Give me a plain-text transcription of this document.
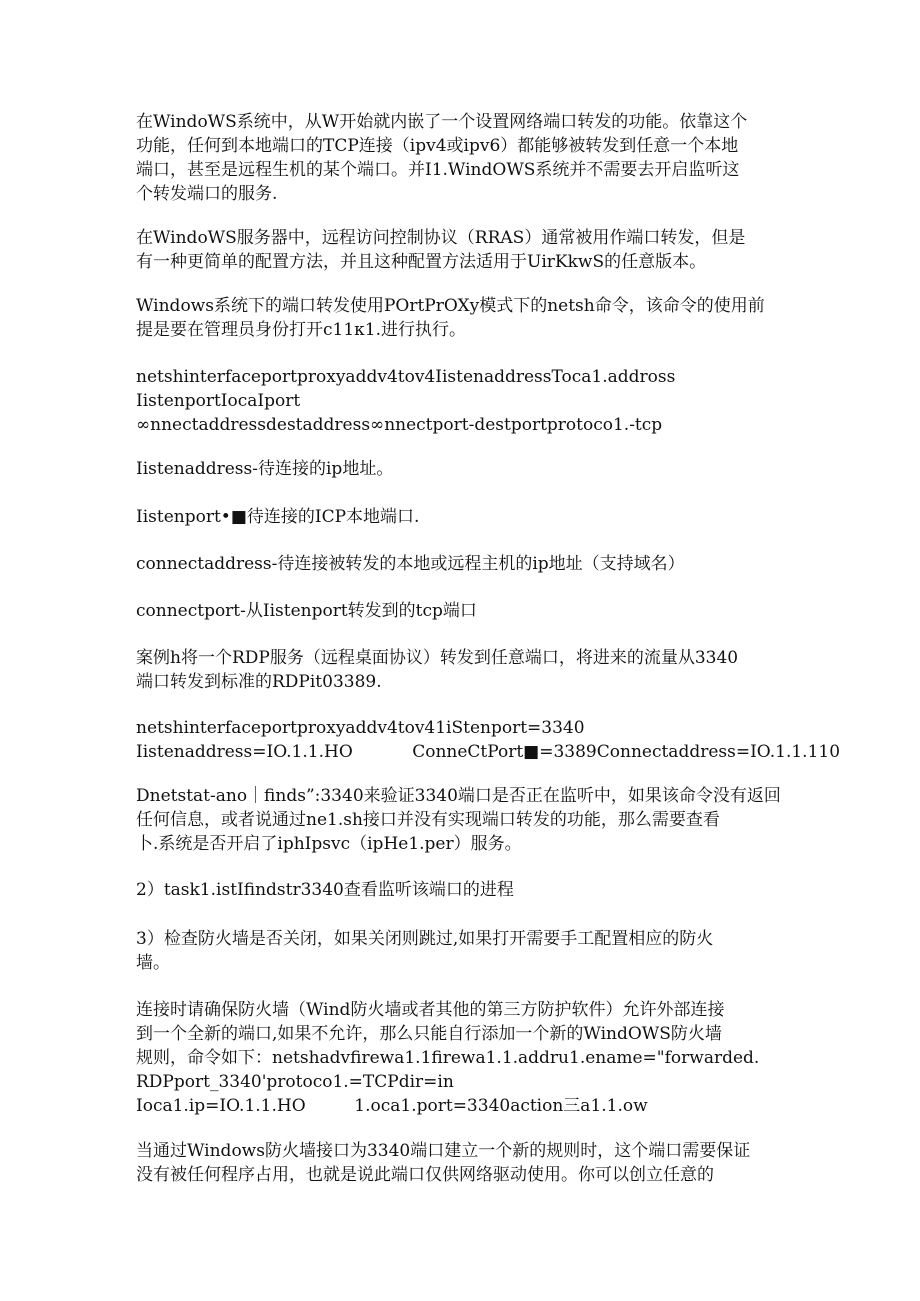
在WindoWS系统中，从W开始就内嵌了一个设置网络端口转发的功能。依靠这个
功能，任何到本地端口的TCP连接（ipv4或ipv6）都能够被转发到任意一个本地
端口，甚至是远程生机的某个端口。并I1.WindOWS系统并不需要去开启监听这
个转发端口的服务.
在WindoWS服务器中，远程访问控制协议（RRAS）通常被用作端口转发，但是
有一种更简单的配置方法，并且这种配置方法适用于UirKkwS的任意版本。
Windows系统下的端口转发使用POrtPrOXy模式下的netsh命令，该命令的使用前
提是要在管理员身份打开c11κ1.进行执行。
netshinterfaceportproxyaddv4tov4IistenaddressToca1.addross
IistenportIocaIport
∞nnectaddressdestaddress∞nnectport-destportprotoco1.-tcp
Iistenaddress-待连接的ip地址。
Iistenport•■待连接的ICP本地端口.
connectaddress-待连接被转发的本地或远程主机的ip地址（支持域名）
connectport-从Iistenport转发到的tcp端口
案例h将一个RDP服务（远程桌面协议）转发到任意端口，将进来的流量从3340
端口转发到标准的RDPit03389.
netshinterfaceportproxyaddv4tov41iStenport=3340
Iistenaddress=IO.1.1.HO           ConneCtPort■=3389Connectaddress=IO.1.1.110
Dnetstat-ano｜finds”:3340来验证3340端口是否正在监听中，如果该命令没有返回
任何信息，或者说通过ne1.sh接口并没有实现端口转发的功能，那么需要查看
卜.系统是否开启了iphIpsvc（ipHe1.per）服务。
2）task1.istIfindstr3340查看监听该端口的进程
3）检查防火墙是否关闭，如果关闭则跳过,如果打开需要手工配置相应的防火
墙。
连接时请确保防火墙（Wind防火墙或者其他的第三方防护软件）允许外部连接
到一个全新的端口,如果不允许，那么只能自行添加一个新的WindOWS防火墙
规则，命令如下：netshadvfirewa1.1firewa1.1.addru1.ename="forwarded.
RDPport_3340'protoco1.=TCPdir=in
Ioca1.ip=IO.1.1.HO         1.oca1.port=3340action三a1.1.ow
当通过Windows防火墙接口为3340端口建立一个新的规则时，这个端口需要保证
没有被任何程序占用，也就是说此端口仅供网络驱动使用。你可以创立任意的
